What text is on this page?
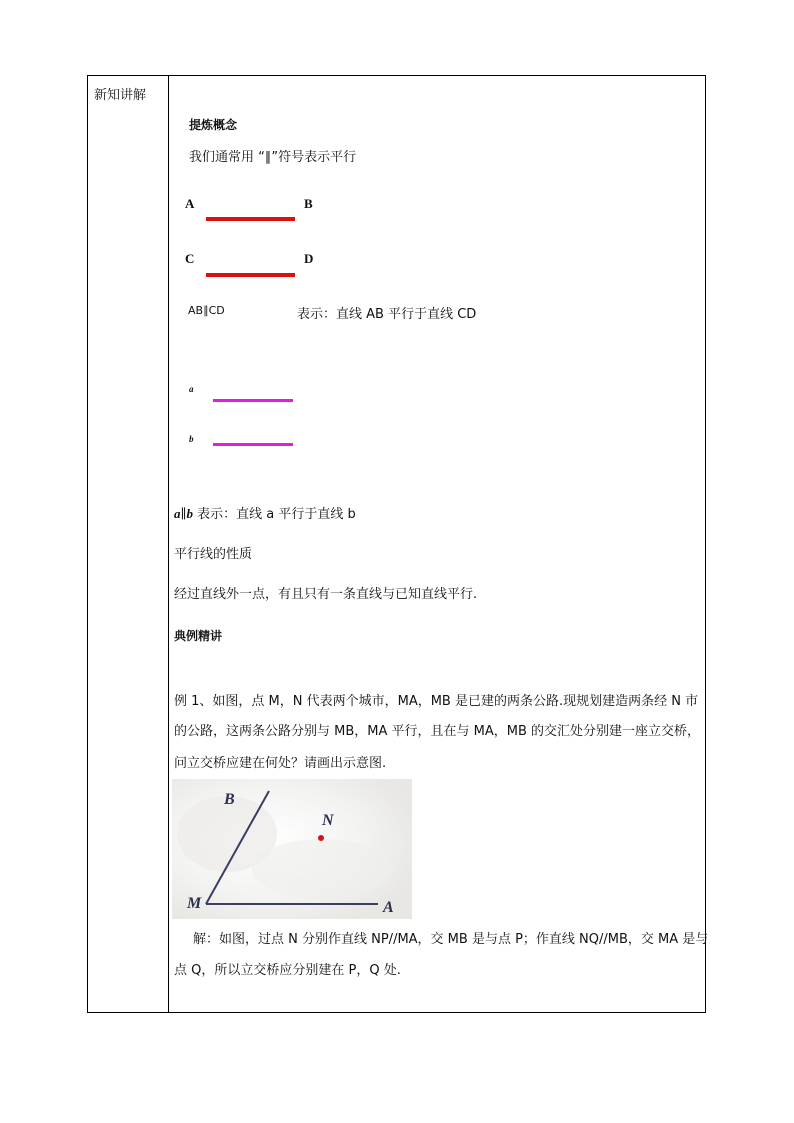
新知讲解
提炼概念
我们通常用 “∥”符号表示平行
A	B
C	D
AB∥CD	表示：直线 AB 平行于直线 CD
a
b
a∥b 表示：直线 a 平行于直线 b
平行线的性质
经过直线外一点，有且只有一条直线与已知直线平行.
典例精讲
例 1、如图，点 M，N 代表两个城市，MA，MB 是已建的两条公路.现规划建造两条经 N 市
的公路，这两条公路分别与 MB，MA 平行，且在与 MA，MB 的交汇处分别建一座立交桥，
问立交桥应建在何处？请画出示意图.
B
N
M	A
解：如图，过点 N 分别作直线 NP//MA，交 MB 是与点 P；作直线 NQ//MB，交 MA 是与
点 Q，所以立交桥应分别建在 P，Q 处.
